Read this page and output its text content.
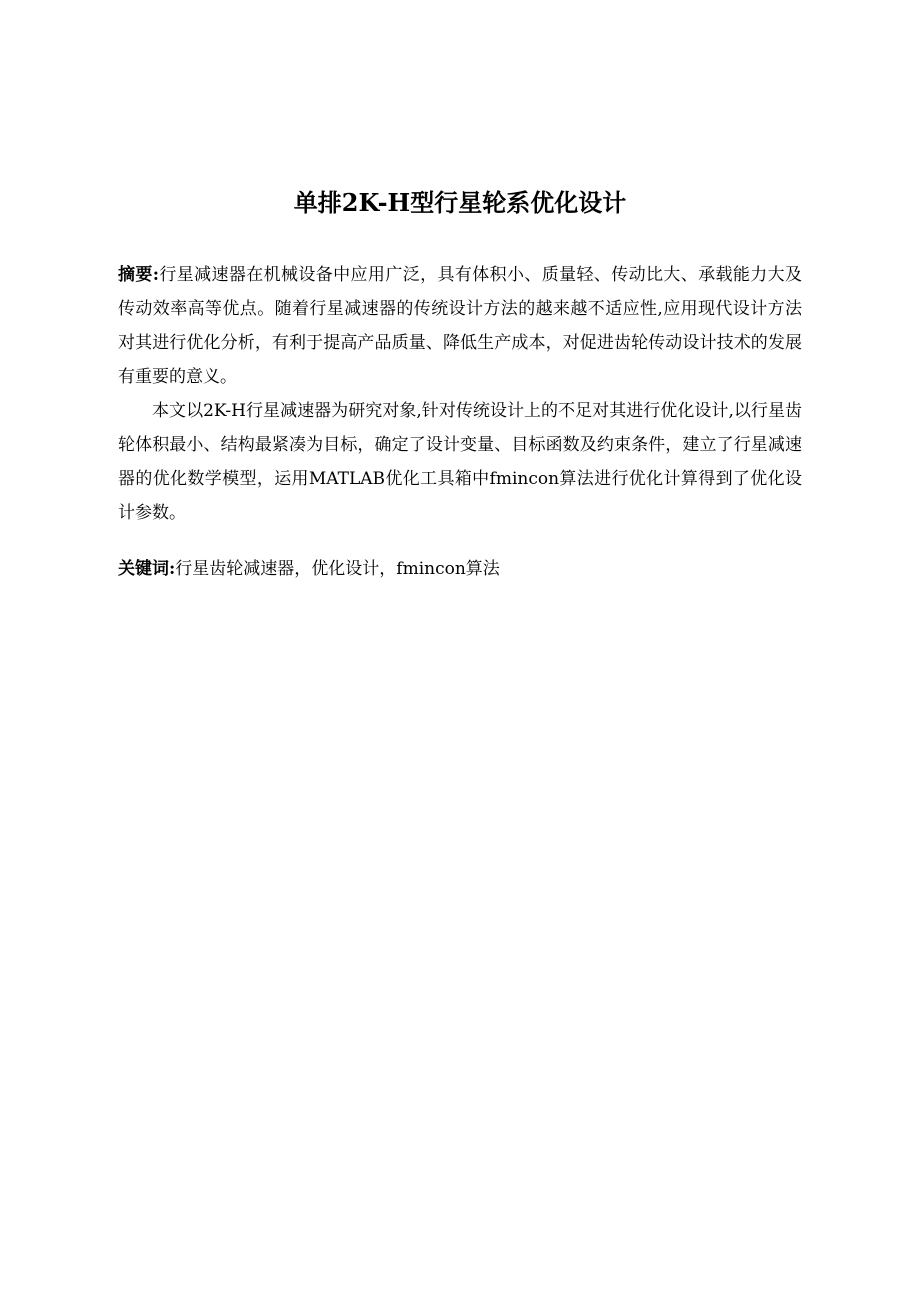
单排2K-H型行星轮系优化设计

摘要:行星减速器在机械设备中应用广泛，具有体积小、质量轻、传动比大、承载能力大及传动效率高等优点。随着行星减速器的传统设计方法的越来越不适应性,应用现代设计方法对其进行优化分析，有利于提高产品质量、降低生产成本，对促进齿轮传动设计技术的发展有重要的意义。

本文以2K-H行星减速器为研究对象,针对传统设计上的不足对其进行优化设计,以行星齿轮体积最小、结构最紧凑为目标，确定了设计变量、目标函数及约束条件，建立了行星减速器的优化数学模型，运用MATLAB优化工具箱中fmincon算法进行优化计算得到了优化设计参数。

关键词:行星齿轮减速器，优化设计，fmincon算法
